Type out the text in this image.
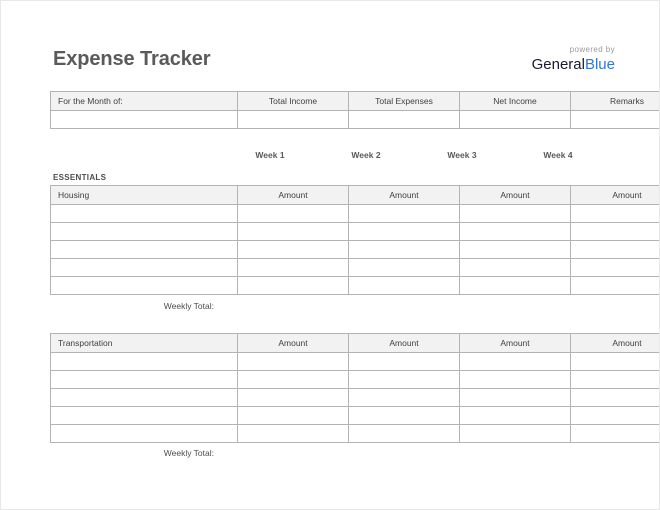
Expense Tracker	powered by
GeneralBlue
For the Month of:	Total Income	Total Expenses	Net Income	Remarks

Week 1	Week 2	Week 3	Week 4
ESSENTIALS
Housing	Amount	Amount	Amount	Amount

Weekly Total:
Transportation	Amount	Amount	Amount	Amount

Weekly Total:
